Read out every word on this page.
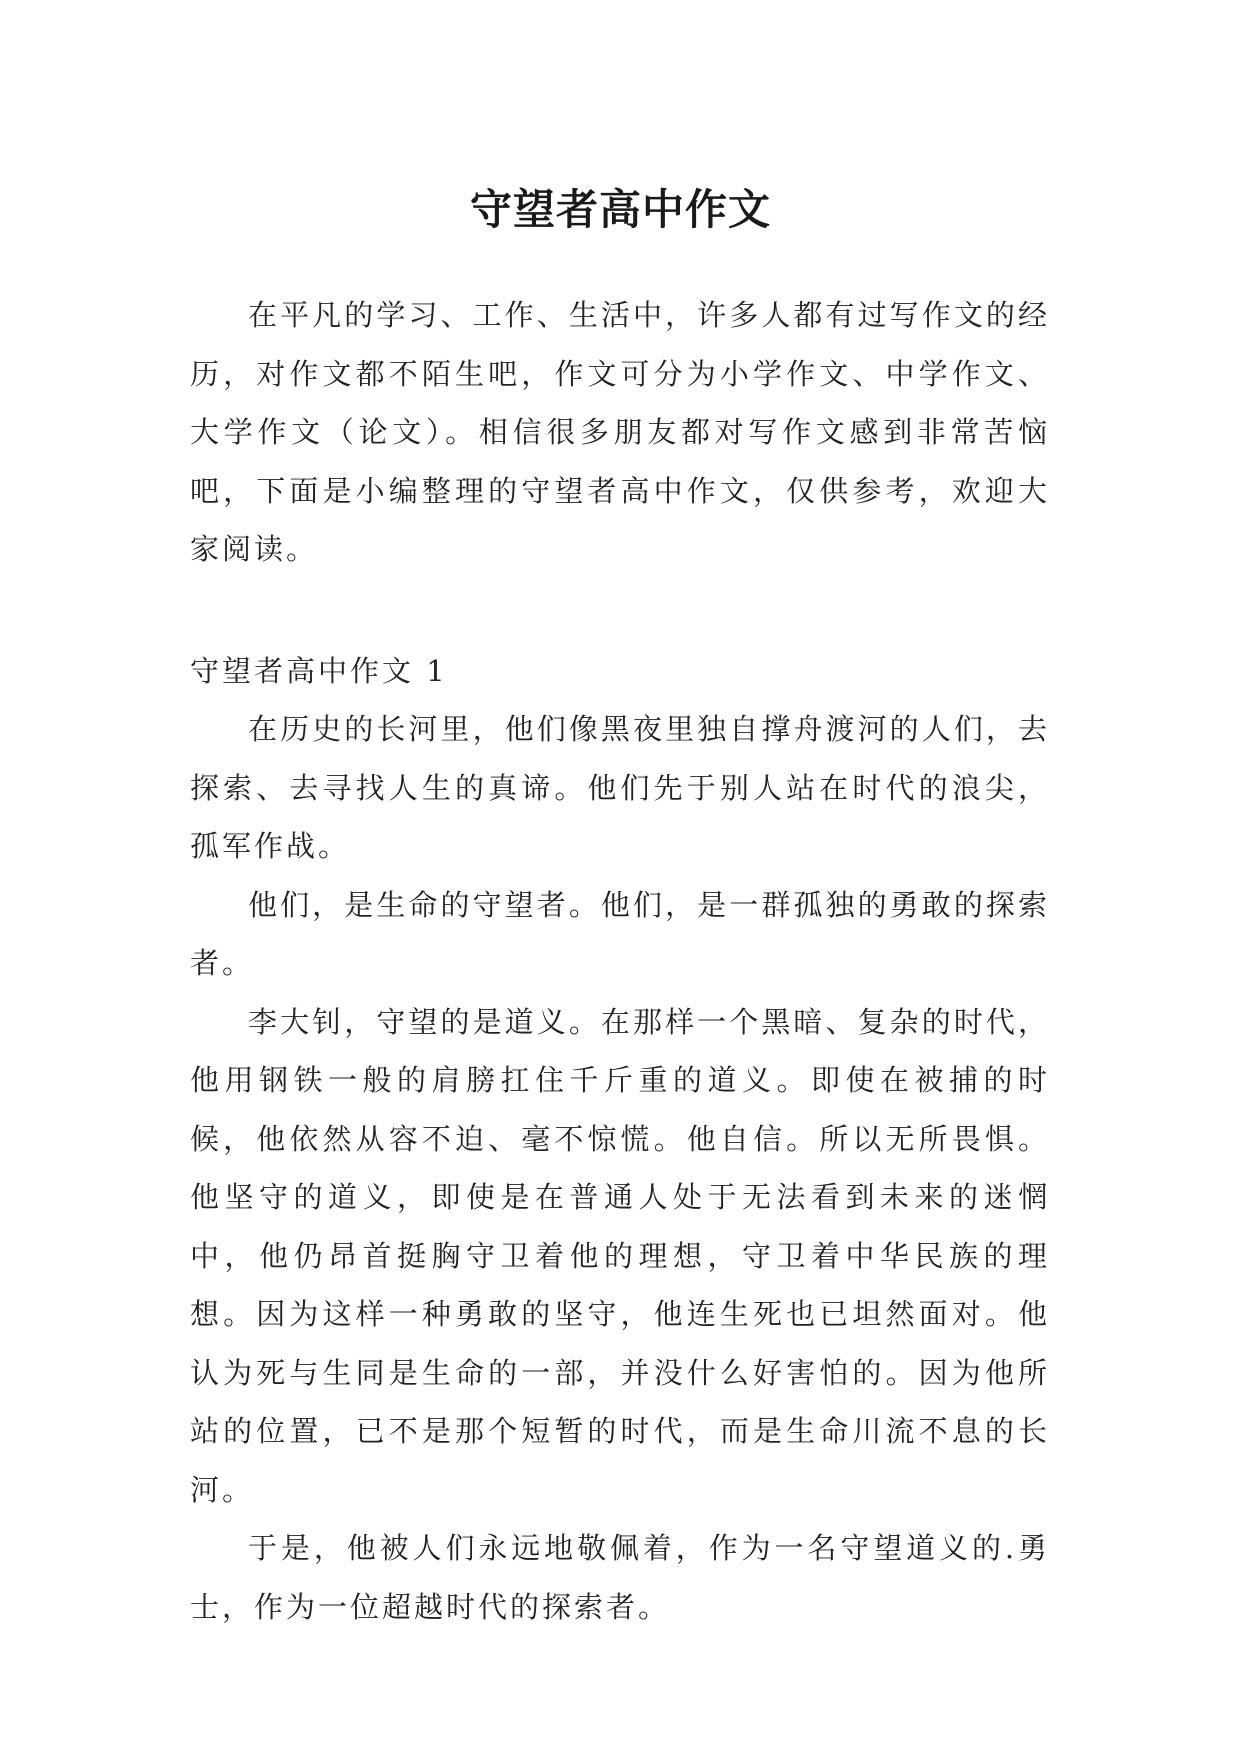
守望者高中作文

在平凡的学习、工作、生活中，许多人都有过写作文的经历，对作文都不陌生吧，作文可分为小学作文、中学作文、大学作文（论文）。相信很多朋友都对写作文感到非常苦恼吧，下面是小编整理的守望者高中作文，仅供参考，欢迎大家阅读。

守望者高中作文 1

在历史的长河里，他们像黑夜里独自撑舟渡河的人们，去探索、去寻找人生的真谛。他们先于别人站在时代的浪尖，孤军作战。

他们，是生命的守望者。他们，是一群孤独的勇敢的探索者。

李大钊，守望的是道义。在那样一个黑暗、复杂的时代，他用钢铁一般的肩膀扛住千斤重的道义。即使在被捕的时候，他依然从容不迫、毫不惊慌。他自信。所以无所畏惧。他坚守的道义，即使是在普通人处于无法看到未来的迷惘中，他仍昂首挺胸守卫着他的理想，守卫着中华民族的理想。因为这样一种勇敢的坚守，他连生死也已坦然面对。他认为死与生同是生命的一部，并没什么好害怕的。因为他所站的位置，已不是那个短暂的时代，而是生命川流不息的长河。

于是，他被人们永远地敬佩着，作为一名守望道义的.勇士，作为一位超越时代的探索者。
